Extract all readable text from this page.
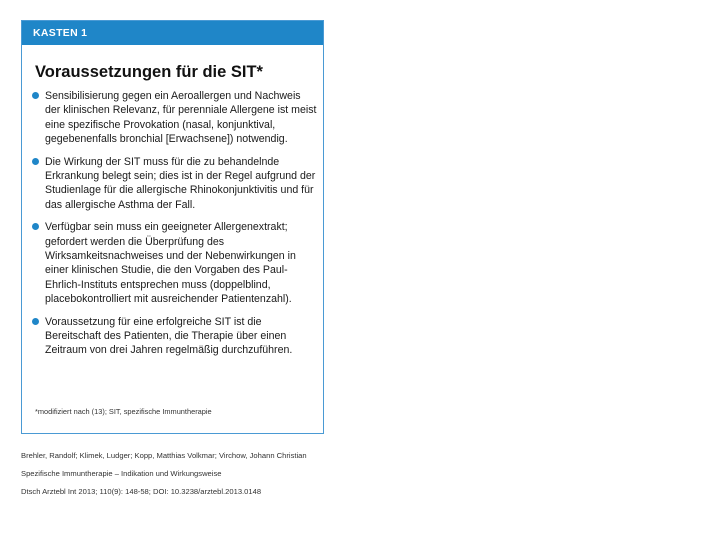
KASTEN 1
Voraussetzungen für die SIT*
Sensibilisierung gegen ein Aeroallergen und Nachweis der klinischen Relevanz, für perenniale Allergene ist meist eine spezifische Provokation (nasal, konjunktival, gegebenenfalls bronchial [Erwachsene]) notwendig.
Die Wirkung der SIT muss für die zu behandelnde Erkrankung belegt sein; dies ist in der Regel aufgrund der Studienlage für die allergische Rhinokonjunktivitis und für das allergische Asthma der Fall.
Verfügbar sein muss ein geeigneter Allergenextrakt; gefordert werden die Überprüfung des Wirksamkeitsnachweises und der Nebenwirkungen in einer klinischen Studie, die den Vorgaben des Paul-Ehrlich-Instituts entsprechen muss (doppelblind, placebokontrolliert mit ausreichender Patientenzahl).
Voraussetzung für eine erfolgreiche SIT ist die Bereitschaft des Patienten, die Therapie über einen Zeitraum von drei Jahren regelmäßig durchzuführen.
*modifiziert nach (13); SIT, spezifische Immuntherapie
Brehler, Randolf; Klimek, Ludger; Kopp, Matthias Volkmar; Virchow, Johann Christian
Spezifische Immuntherapie – Indikation und Wirkungsweise
Dtsch Arztebl Int 2013; 110(9): 148-58; DOI: 10.3238/arztebl.2013.0148
